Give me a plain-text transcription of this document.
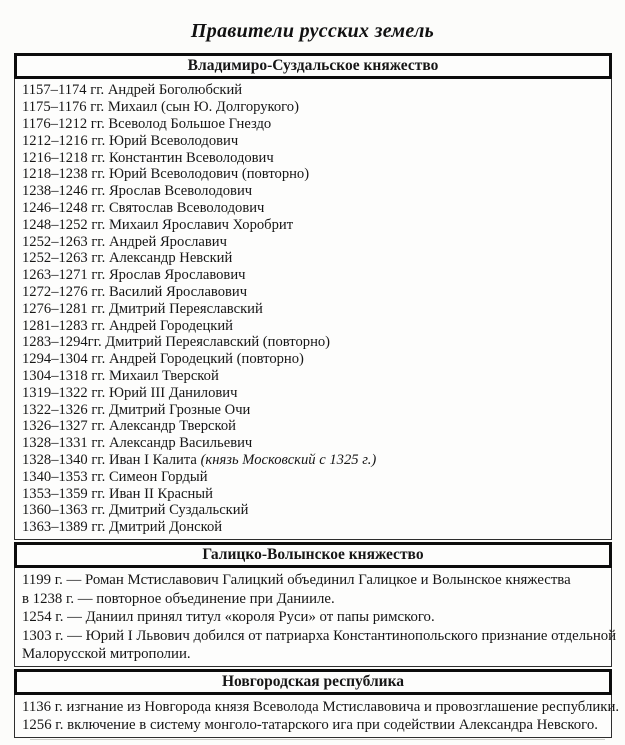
Правители русских земель
Владимиро-Суздальское княжество
1157–1174 гг. Андрей Боголюбский
1175–1176 гг. Михаил (сын Ю. Долгорукого)
1176–1212 гг. Всеволод Большое Гнездо
1212–1216 гг. Юрий Всеволодович
1216–1218 гг. Константин Всеволодович
1218–1238 гг. Юрий Всеволодович (повторно)
1238–1246 гг. Ярослав Всеволодович
1246–1248 гг. Святослав Всеволодович
1248–1252 гг. Михаил Ярославич Хоробрит
1252–1263 гг. Андрей Ярославич
1252–1263 гг. Александр Невский
1263–1271 гг. Ярослав Ярославович
1272–1276 гг. Василий Ярославович
1276–1281 гг. Дмитрий Переяславский
1281–1283 гг. Андрей Городецкий
1283–1294гг. Дмитрий Переяславский (повторно)
1294–1304 гг. Андрей Городецкий (повторно)
1304–1318 гг. Михаил Тверской
1319–1322 гг. Юрий III Данилович
1322–1326 гг. Дмитрий Грозные Очи
1326–1327 гг. Александр Тверской
1328–1331 гг. Александр Васильевич
1328–1340 гг. Иван I Калита (князь Московский с 1325 г.)
1340–1353 гг. Симеон Гордый
1353–1359 гг. Иван II Красный
1360–1363 гг. Дмитрий Суздальский
1363–1389 гг. Дмитрий Донской
Галицко-Волынское княжество
1199 г. — Роман Мстиславович Галицкий объединил Галицкое и Волынское княжества
в 1238 г. — повторное объединение при Данииле.
1254 г. — Даниил принял титул «короля Руси» от папы римского.
1303 г. — Юрий I Львович добился от патриарха Константинопольского признание отдельной
Малорусской митрополии.
Новгородская республика
1136 г. изгнание из Новгорода князя Всеволода Мстиславовича и провозглашение республики.
1256 г. включение в систему монголо-татарского ига при содействии Александра Невского.
